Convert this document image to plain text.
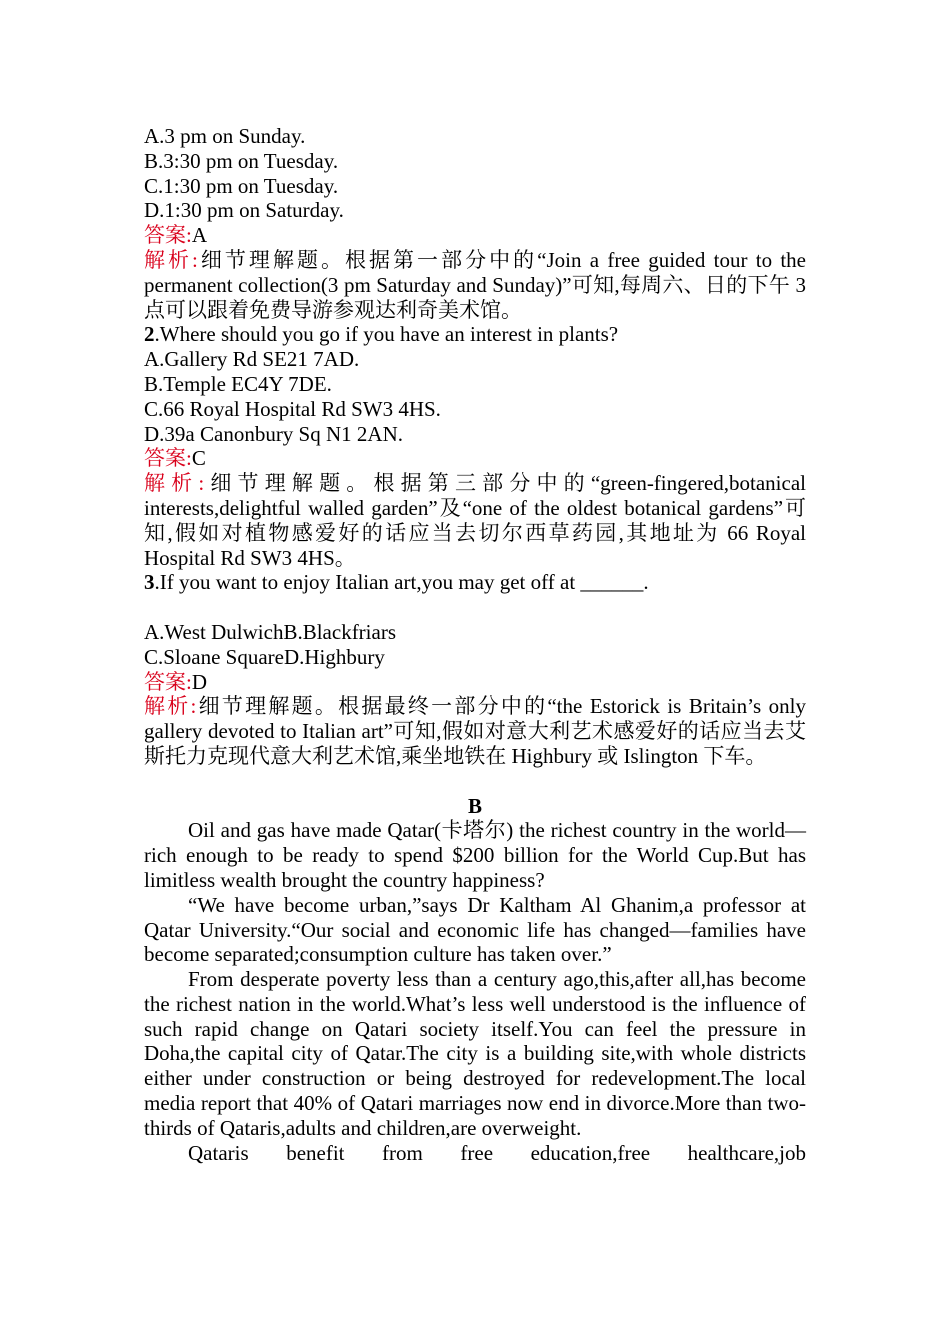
A.3 pm on Sunday.
B.3:30 pm on Tuesday.
C.1:30 pm on Tuesday.
D.1:30 pm on Saturday.
答案:A
解析:细节理解题。根据第一部分中的“Join a free guided tour to the permanent collection(3 pm Saturday and Sunday)”可知,每周六、日的下午 3 点可以跟着免费导游参观达利奇美术馆。
2.Where should you go if you have an interest in plants?
A.Gallery Rd SE21 7AD.
B.Temple EC4Y 7DE.
C.66 Royal Hospital Rd SW3 4HS.
D.39a Canonbury Sq N1 2AN.
答案:C
解析:细节理解题。根据第三部分中的“green-fingered,botanical interests,delightful walled garden”及“one of the oldest botanical gardens”可知,假如对植物感爱好的话应当去切尔西草药园,其地址为 66 Royal Hospital Rd SW3 4HS。
3.If you want to enjoy Italian art,you may get off at ______.
A.West DulwichB.Blackfriars
C.Sloane SquareD.Highbury
答案:D
解析:细节理解题。根据最终一部分中的“the Estorick is Britain’s only gallery devoted to Italian art”可知,假如对意大利艺术感爱好的话应当去艾斯托力克现代意大利艺术馆,乘坐地铁在 Highbury 或 Islington 下车。
B
Oil and gas have made Qatar(卡塔尔) the richest country in the world—rich enough to be ready to spend $200 billion for the World Cup.But has limitless wealth brought the country happiness?
“We have become urban,”says Dr Kaltham Al Ghanim,a professor at Qatar University.“Our social and economic life has changed—families have become separated;consumption culture has taken over.”
From desperate poverty less than a century ago,this,after all,has become the richest nation in the world.What’s less well understood is the influence of such rapid change on Qatari society itself.You can feel the pressure in Doha,the capital city of Qatar.The city is a building site,with whole districts either under construction or being destroyed for redevelopment.The local media report that 40% of Qatari marriages now end in divorce.More than two-thirds of Qataris,adults and children,are overweight.
Qataris benefit from free education,free healthcare,job
